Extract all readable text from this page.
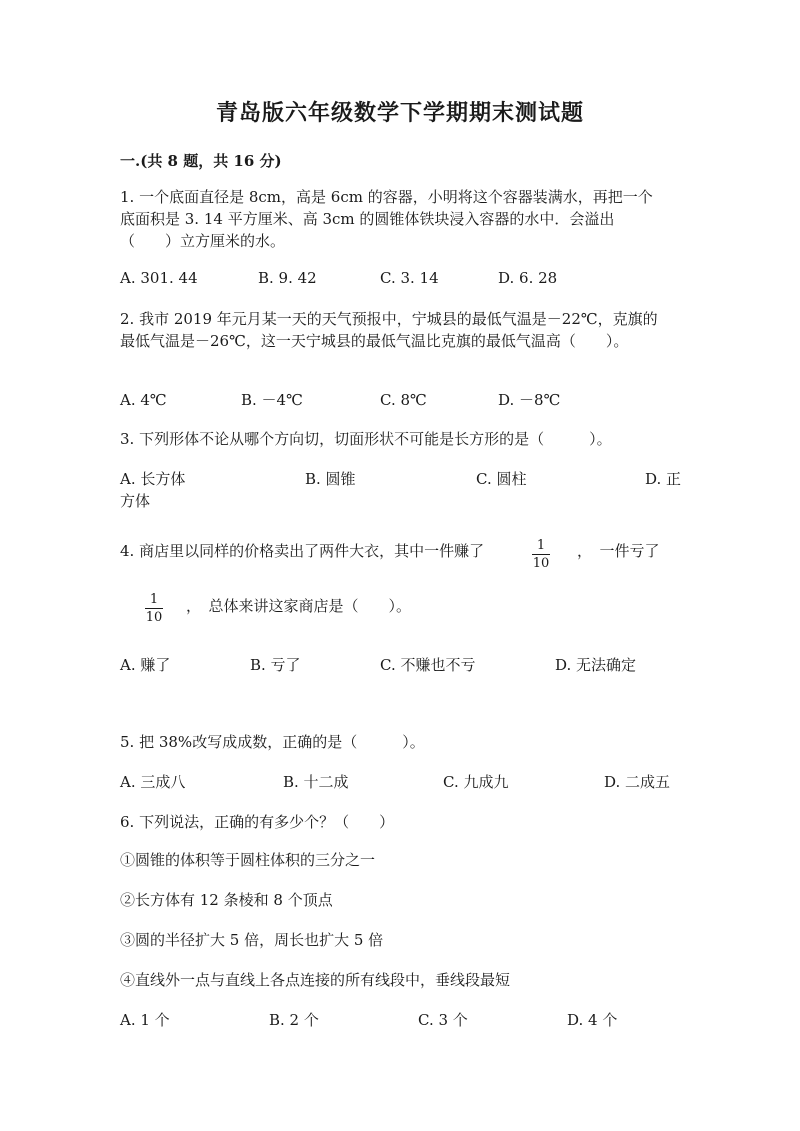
青岛版六年级数学下学期期末测试题
一.(共 8 题，共 16 分)
1. 一个底面直径是 8cm，高是 6cm 的容器，小明将这个容器装满水，再把一个
底面积是 3. 14 平方厘米、高 3cm 的圆锥体铁块浸入容器的水中．会溢出
（　　）立方厘米的水。
A. 301. 44	B. 9. 42	C. 3. 14	D. 6. 28
2. 我市 2019 年元月某一天的天气预报中，宁城县的最低气温是－22℃，克旗的
最低气温是－26℃，这一天宁城县的最低气温比克旗的最低气温高（　　）。
A. 4℃	B. －4℃	C. 8℃	D. －8℃
3. 下列形体不论从哪个方向切，切面形状不可能是长方形的是（　　　）。
A. 长方体	B. 圆锥	C. 圆柱	D. 正
方体
4. 商店里以同样的价格卖出了两件大衣，其中一件赚了	1
10
，　一件亏了
1
10
，　总体来讲这家商店是（　　）。
A. 赚了	B. 亏了	C. 不赚也不亏	D. 无法确定
5. 把 38%改写成成数，正确的是（　　　）。
A. 三成八	B. 十二成	C. 九成九	D. 二成五
6. 下列说法，正确的有多少个？（　　）
①圆锥的体积等于圆柱体积的三分之一
②长方体有 12 条棱和 8 个顶点
③圆的半径扩大 5 倍，周长也扩大 5 倍
④直线外一点与直线上各点连接的所有线段中，垂线段最短
A. 1 个	B. 2 个	C. 3 个	D. 4 个
